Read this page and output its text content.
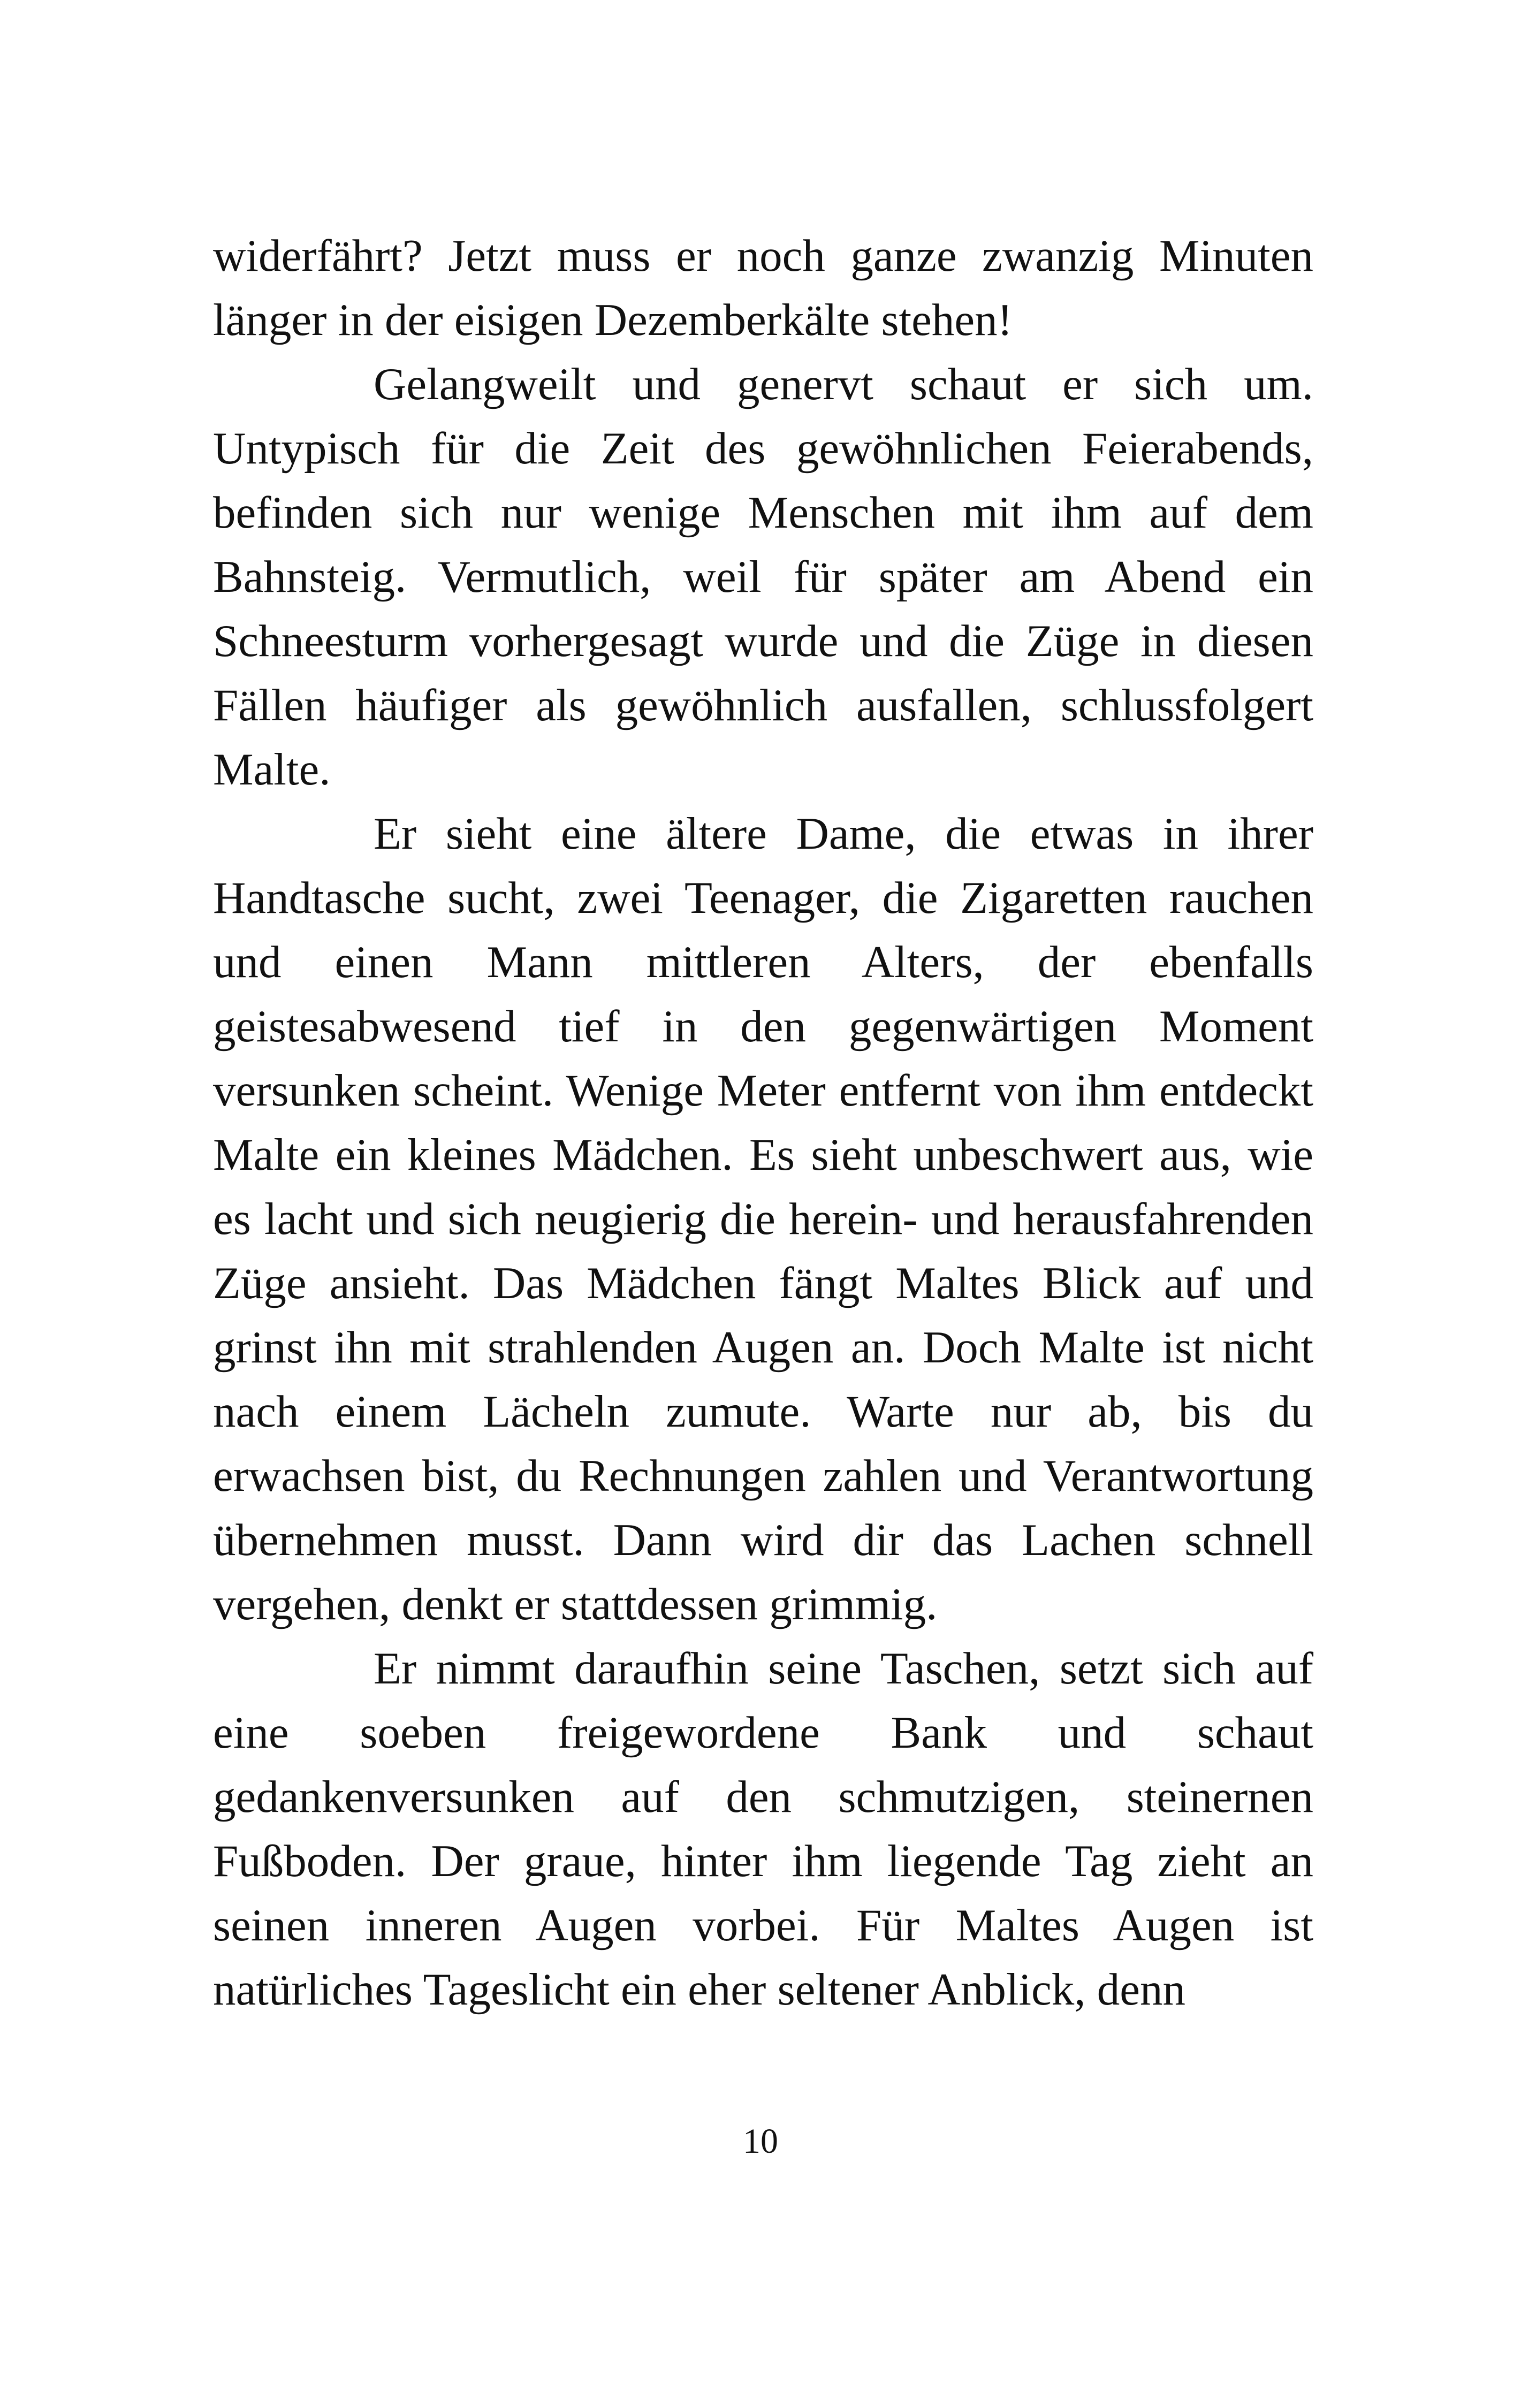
widerfährt? Jetzt muss er noch ganze zwanzig Minuten länger in der eisigen Dezemberkälte stehen!

Gelangweilt und genervt schaut er sich um. Untypisch für die Zeit des gewöhnlichen Feierabends, befinden sich nur wenige Menschen mit ihm auf dem Bahnsteig. Vermutlich, weil für später am Abend ein Schneesturm vorhergesagt wurde und die Züge in diesen Fällen häufiger als gewöhnlich ausfallen, schlussfolgert Malte.

Er sieht eine ältere Dame, die etwas in ihrer Handtasche sucht, zwei Teenager, die Zigaretten rauchen und einen Mann mittleren Alters, der ebenfalls geistesabwesend tief in den gegenwärtigen Moment versunken scheint. Wenige Meter entfernt von ihm entdeckt Malte ein kleines Mädchen. Es sieht unbeschwert aus, wie es lacht und sich neugierig die herein- und herausfahrenden Züge ansieht. Das Mädchen fängt Maltes Blick auf und grinst ihn mit strahlenden Augen an. Doch Malte ist nicht nach einem Lächeln zumute. Warte nur ab, bis du erwachsen bist, du Rechnungen zahlen und Verantwortung übernehmen musst. Dann wird dir das Lachen schnell vergehen, denkt er stattdessen grimmig.

Er nimmt daraufhin seine Taschen, setzt sich auf eine soeben freigewordene Bank und schaut gedankenversunken auf den schmutzigen, steinernen Fußboden. Der graue, hinter ihm liegende Tag zieht an seinen inneren Augen vorbei. Für Maltes Augen ist natürliches Tageslicht ein eher seltener Anblick, denn

10
